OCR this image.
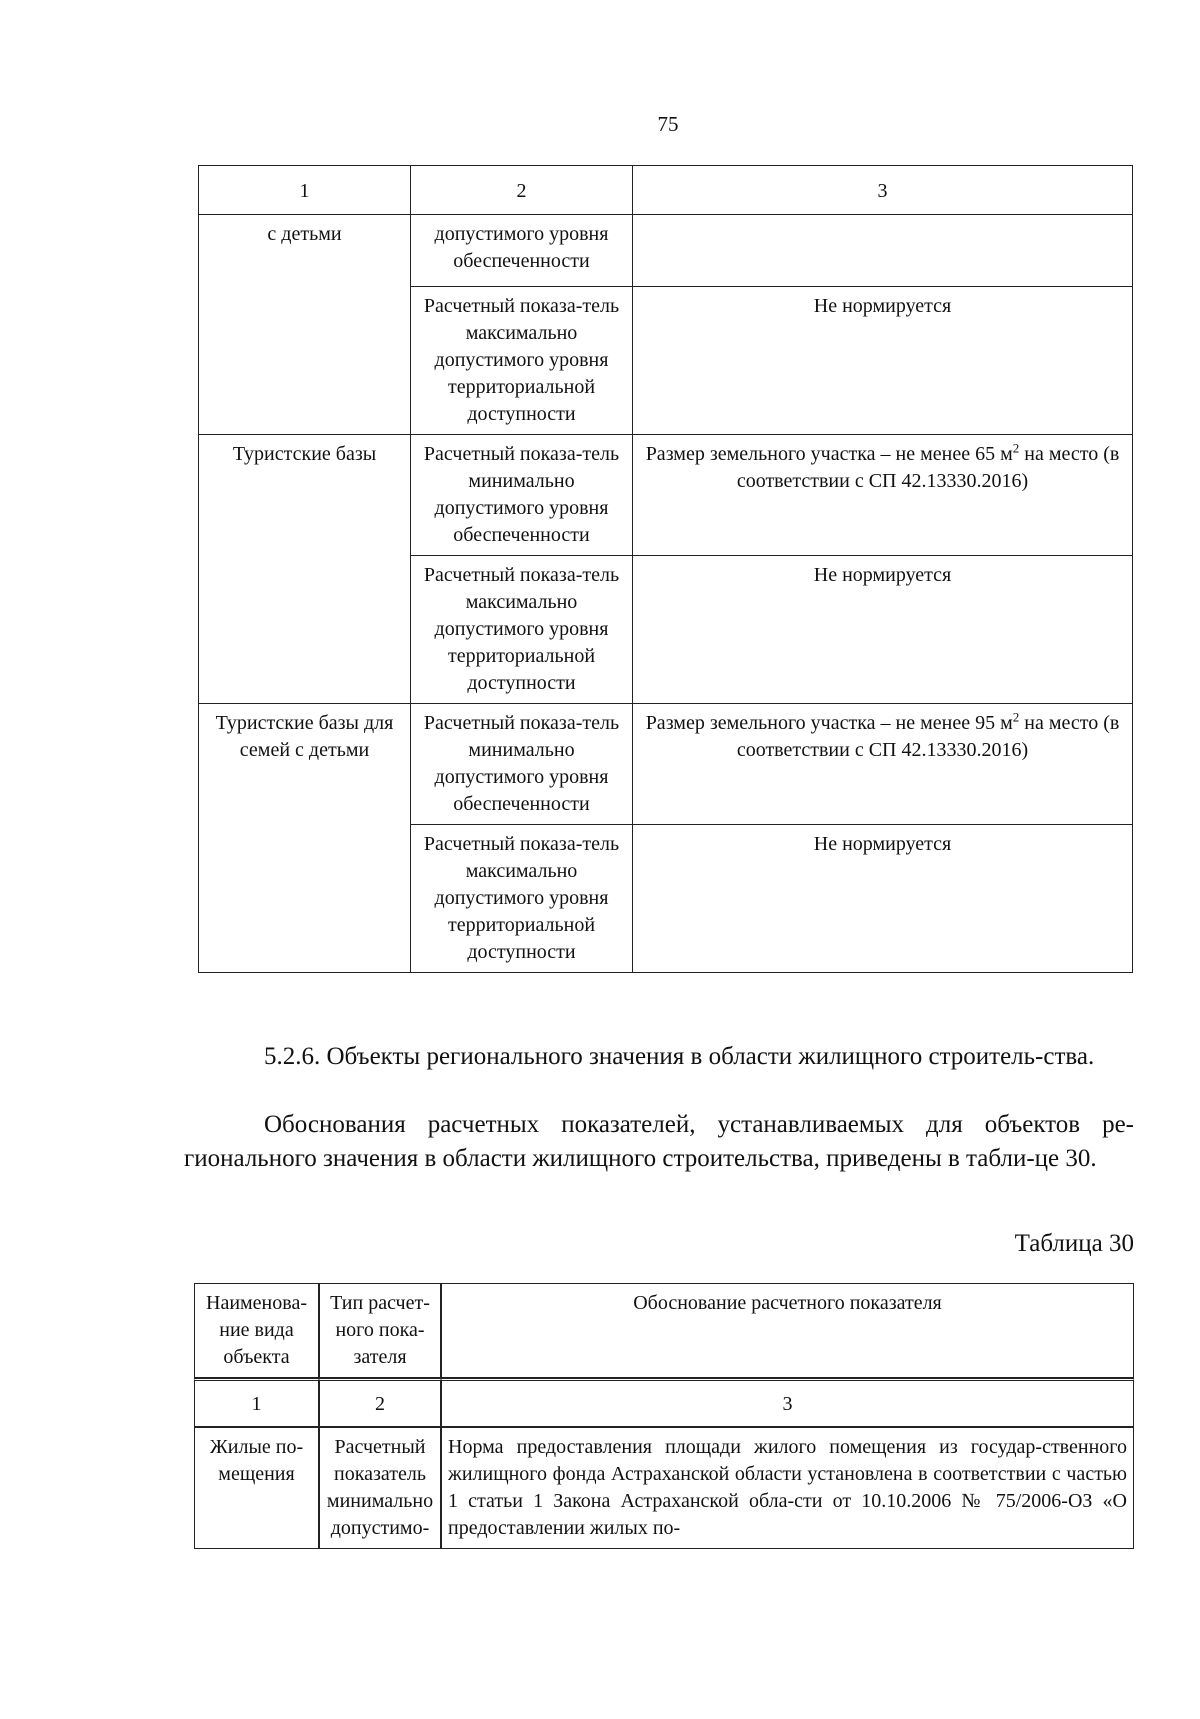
75
1	2	3
с детьми	допустимого уровня обеспеченности	
	Расчетный показа-тель максимально допустимого уровня территориальной доступности	Не нормируется
Туристские базы	Расчетный показа-тель минимально допустимого уровня обеспеченности	Размер земельного участка – не менее 65 $м^2$ на место (в соответствии с СП 42.13330.2016)
	Расчетный показа-тель максимально допустимого уровня территориальной доступности	Не нормируется
Туристские базы для семей с детьми	Расчетный показа-тель минимально допустимого уровня обеспеченности	Размер земельного участка – не менее 95 $м^2$ на место (в соответствии с СП 42.13330.2016)
	Расчетный показа-тель максимально допустимого уровня территориальной доступности	Не нормируется

5.2.6. Объекты регионального значения в области жилищного строитель-ства.

Обоснования расчетных показателей, устанавливаемых для объектов ре-гионального значения в области жилищного строительства, приведены в табли-це 30.

Таблица 30
Наименова-ние вида объекта	Тип расчет-ного пока-зателя	Обоснование расчетного показателя
1	2	3
Жилые по-мещения	Расчетный показатель минимально допустимо-	Норма предоставления площади жилого помещения из государ-ственного жилищного фонда Астраханской области установлена в соответствии с частью 1 статьи 1 Закона Астраханской обла-сти от 10.10.2006 № 75/2006-ОЗ «О предоставлении жилых по-
